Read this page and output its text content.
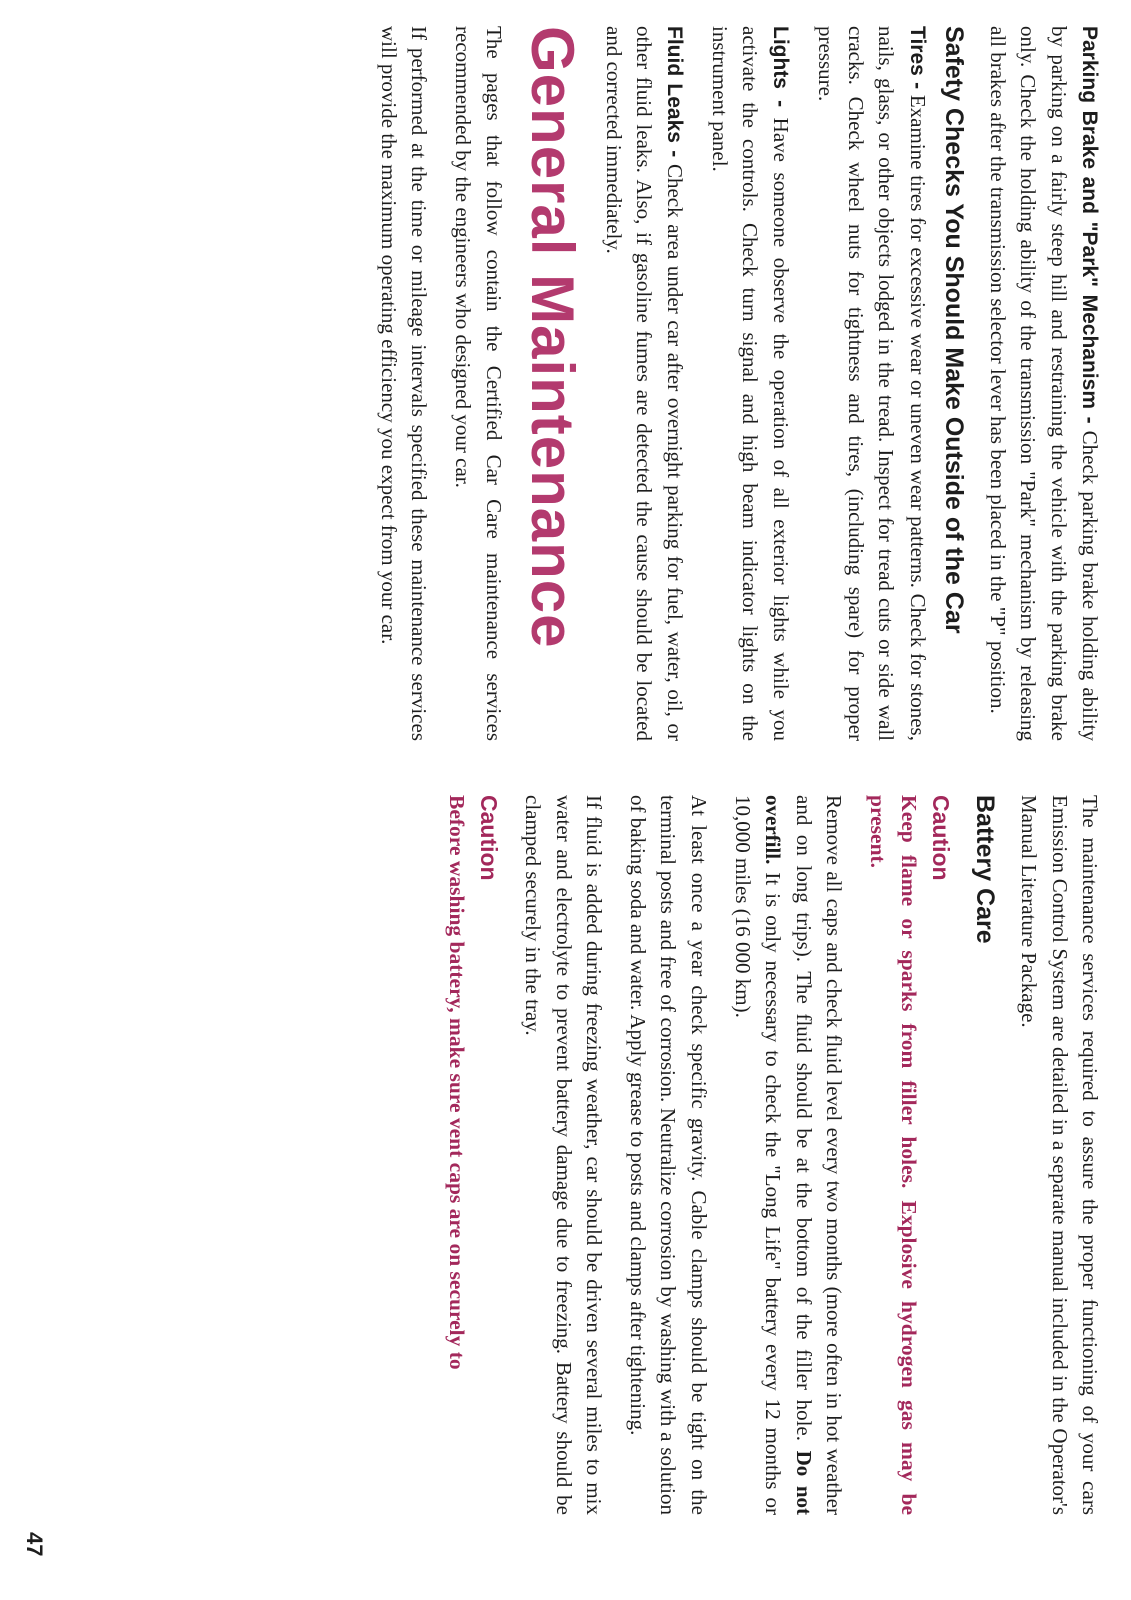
Parking Brake and "Park" Mechanism - Check parking brake holding ability by parking on a fairly steep hill and restraining the vehicle with the parking brake only. Check the holding ability of the transmission "Park" mechanism by releasing all brakes after the transmission selector lever has been placed in the "P" position.

Safety Checks You Should Make Outside of the Car

Tires - Examine tires for excessive wear or uneven wear patterns. Check for stones, nails, glass, or other objects lodged in the tread. Inspect for tread cuts or side wall cracks. Check wheel nuts for tightness and tires, (including spare) for proper pressure.

Lights - Have someone observe the operation of all exterior lights while you activate the controls. Check turn signal and high beam indicator lights on the instrument panel.

Fluid Leaks - Check area under car after overnight parking for fuel, water, oil, or other fluid leaks. Also, if gasoline fumes are detected the cause should be located and corrected immediately.

General Maintenance

The pages that follow contain the Certified Car Care maintenance services recommended by the engineers who designed your car.

If performed at the time or mileage intervals specified these maintenance services will provide the maximum operating efficiency you expect from your car.

The maintenance services required to assure the proper functioning of your cars Emission Control System are detailed in a separate manual included in the Operator's Manual Literature Package.

Battery Care
Caution

Keep flame or sparks from filler holes. Explosive hydrogen gas may be present.

Remove all caps and check fluid level every two months (more often in hot weather and on long trips). The fluid should be at the bottom of the filler hole. Do not overfill. It is only necessary to check the "Long Life" battery every 12 months or 10,000 miles (16 000 km).

At least once a year check specific gravity. Cable clamps should be tight on the terminal posts and free of corrosion. Neutralize corrosion by washing with a solution of baking soda and water. Apply grease to posts and clamps after tightening.

If fluid is added during freezing weather, car should be driven several miles to mix water and electrolyte to prevent battery damage due to freezing. Battery should be clamped securely in the tray.

Caution

Before washing battery, make sure vent caps are on securely to

47
